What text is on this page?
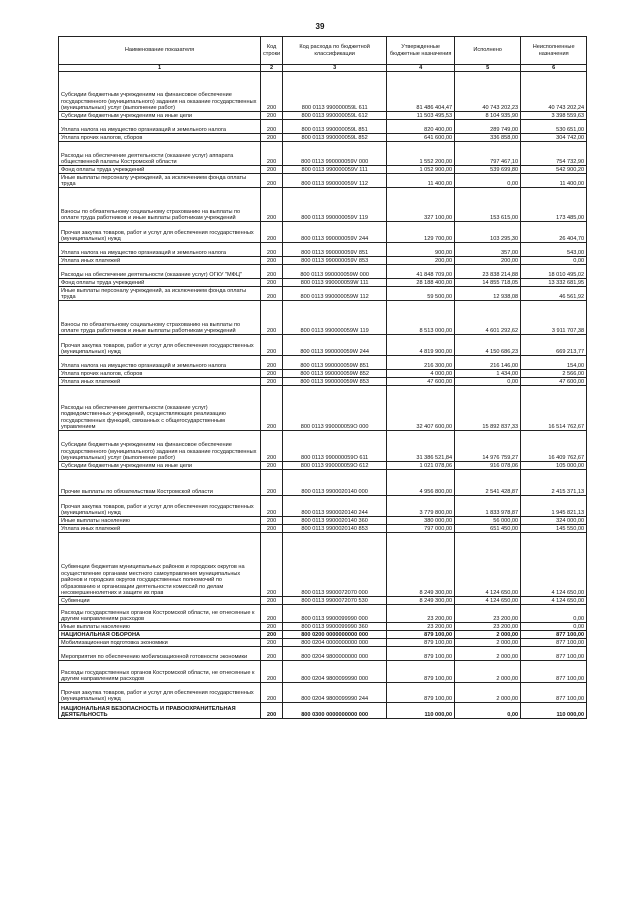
39
Наименование показателя	Код строки	Код расхода по бюджетной классификации	Утвержденные бюджетные назначения	Исполнено	Неисполненные назначения
1	2	3	4	5	6
Субсидии бюджетным учреждениям на финансовое обеспечение государственного (муниципального) задания на оказание государственных (муниципальных) услуг (выполнение работ)	200	800 0113 990000059L 611	81 486 404,47	40 743 202,23	40 743 202,24
Субсидии бюджетным учреждениям на иные цели	200	800 0113 990000059L 612	11 503 495,53	8 104 935,90	3 398 559,63
Уплата налога на имущество организаций и земельного налога	200	800 0113 990000059L 851	820 400,00	289 749,00	530 651,00
Уплата прочих налогов, сборов	200	800 0113 990000059L 852	641 600,00	336 858,00	304 742,00
Расходы на обеспечение деятельности (оказание услуг) аппарата общественной палаты Костромской области	200	800 0113 990000059V 000	1 552 200,00	797 467,10	754 732,90
Фонд оплаты труда учреждений	200	800 0113 990000059V 111	1 052 900,00	539 699,80	542 900,20
Иные выплаты персоналу учреждений, за исключением фонда оплаты труда	200	800 0113 990000059V 112	11 400,00	0,00	11 400,00
Взносы по обязательному социальному страхованию на выплаты по оплате труда работников и иные выплаты работникам учреждений	200	800 0113 990000059V 119	327 100,00	153 615,00	173 485,00
Прочая закупка товаров, работ и услуг для обеспечения государственных (муниципальных) нужд	200	800 0113 990000059V 244	129 700,00	103 295,30	26 404,70
Уплата налога на имущество организаций и земельного налога	200	800 0113 990000059V 851	900,00	357,00	543,00
Уплата иных платежей	200	800 0113 990000059V 853	200,00	200,00	0,00
Расходы на обеспечение деятельности (оказание услуг) ОГКУ "МФЦ"	200	800 0113 990000059W 000	41 848 709,00	23 838 214,88	18 010 495,02
Фонд оплаты труда учреждений	200	800 0113 990000059W 111	28 188 400,00	14 855 718,05	13 332 681,95
Иные выплаты персоналу учреждений, за исключением фонда оплаты труда	200	800 0113 990000059W 112	59 500,00	12 938,08	46 561,92
Взносы по обязательному социальному страхованию на выплаты по оплате труда работников и иные выплаты работникам учреждений	200	800 0113 990000059W 119	8 513 000,00	4 601 292,62	3 911 707,38
Прочая закупка товаров, работ и услуг для обеспечения государственных (муниципальных) нужд	200	800 0113 990000059W 244	4 819 900,00	4 150 686,23	669 213,77
Уплата налога на имущество организаций и земельного налога	200	800 0113 990000059W 851	216 300,00	216 146,00	154,00
Уплата прочих налогов, сборов	200	800 0113 990000059W 852	4 000,00	1 434,00	2 566,00
Уплата иных платежей	200	800 0113 990000059W 853	47 600,00	0,00	47 600,00
Расходы на обеспечение деятельности (оказание услуг) подведомственных учреждений, осуществляющих реализацию государственных функций, связанных с общегосударственным управлением	200	800 0113 990000059O 000	32 407 600,00	15 892 837,33	16 514 762,67
Субсидии бюджетным учреждениям на финансовое обеспечение государственного (муниципального) задания на оказание государственных (муниципальных) услуг (выполнение работ)	200	800 0113 990000059O 611	31 386 521,84	14 976 759,27	16 409 762,67
Субсидии бюджетным учреждениям на иные цели	200	800 0113 990000059O 612	1 021 078,06	916 078,06	105 000,00
Прочие выплаты по обязательствам Костромской области	200	800 0113 9900020140 000	4 956 800,00	2 541 428,87	2 415 371,13
Прочая закупка товаров, работ и услуг для обеспечения государственных (муниципальных) нужд	200	800 0113 9900020140 244	3 779 800,00	1 833 978,87	1 945 821,13
Иные выплаты населению	200	800 0113 9900020140 360	380 000,00	56 000,00	324 000,00
Уплата иных платежей	200	800 0113 9900020140 853	797 000,00	651 450,00	145 550,00
Субвенции бюджетам муниципальных районов и городских округов на осуществление органами местного самоуправления муниципальных районов и городских округов государственных полномочий по образованию и организации деятельности комиссий по делам несовершеннолетних и защите их прав	200	800 0113 9900072070 000	8 249 300,00	4 124 650,00	4 124 650,00
Субвенции	200	800 0113 9900072070 530	8 249 300,00	4 124 650,00	4 124 650,00
Расходы государственных органов Костромской области, не отнесенные к другим направлениям расходов	200	800 0113 9900099990 000	23 200,00	23 200,00	0,00
Иные выплаты населению	200	800 0113 9900099990 360	23 200,00	23 200,00	0,00
НАЦИОНАЛЬНАЯ ОБОРОНА	200	800 0200 0000000000 000	879 100,00	2 000,00	877 100,00
Мобилизационная подготовка экономики	200	800 0204 0000000000 000	879 100,00	2 000,00	877 100,00
Мероприятия по обеспечению мобилизационной готовности экономики	200	800 0204 9800000000 000	879 100,00	2 000,00	877 100,00
Расходы государственных органов Костромской области, не отнесенные к другим направлениям расходов	200	800 0204 9800099990 000	879 100,00	2 000,00	877 100,00
Прочая закупка товаров, работ и услуг для обеспечения государственных (муниципальных) нужд	200	800 0204 9800099990 244	879 100,00	2 000,00	877 100,00
НАЦИОНАЛЬНАЯ БЕЗОПАСНОСТЬ И ПРАВООХРАНИТЕЛЬНАЯ ДЕЯТЕЛЬНОСТЬ	200	800 0300 0000000000 000	110 000,00	0,00	110 000,00
